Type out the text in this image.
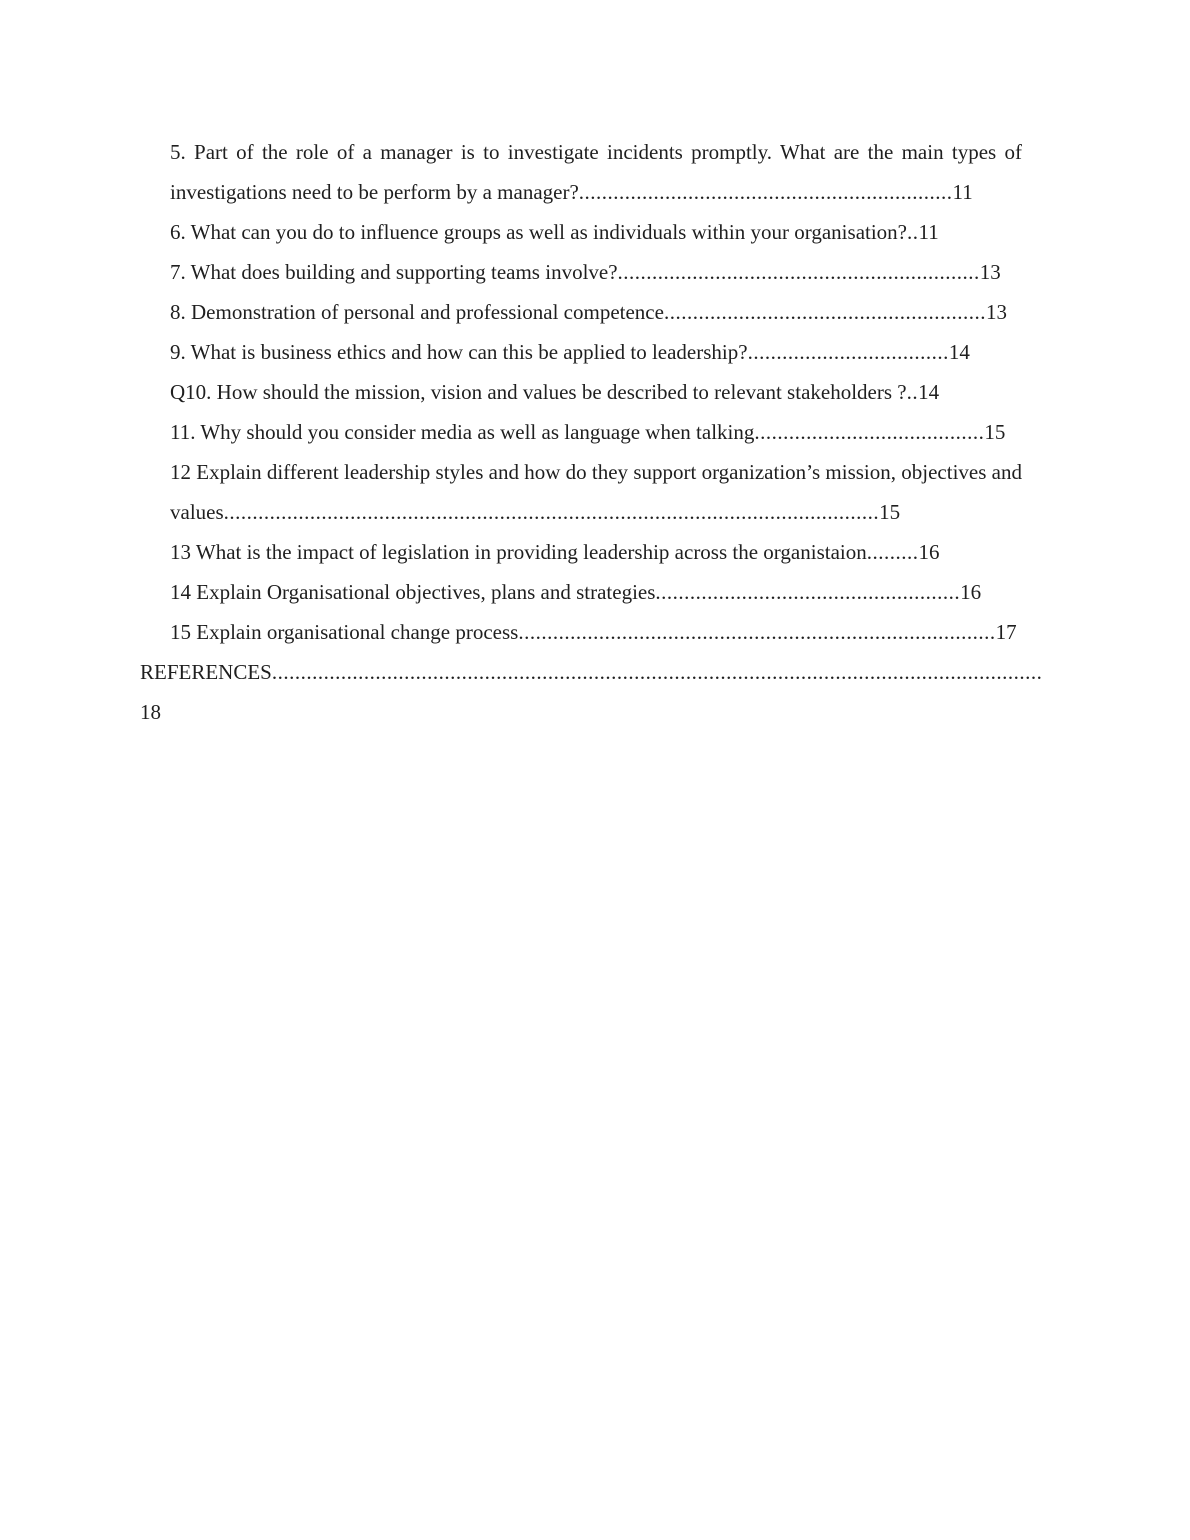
5. Part of the role of a manager is to investigate incidents promptly. What are the main types of investigations need to be perform by a manager?.................................................................11

6. What can you do to influence groups as well as individuals within your organisation?..11

7. What does building and supporting teams involve?...............................................................13

8. Demonstration of personal and professional competence........................................................13

9. What is business ethics and how can this be applied to leadership?...................................14

Q10. How should the mission, vision and values be described to relevant stakeholders ?..14

11. Why should you consider media as well as language when talking........................................15

12 Explain different leadership styles and how do they support organization’s mission, objectives and values..................................................................................................................15

13 What is the impact of legislation in providing leadership across the organistaion.........16

14 Explain Organisational objectives, plans and strategies.....................................................16

15 Explain organisational change process...................................................................................17

REFERENCES......................................................................................................................................18
